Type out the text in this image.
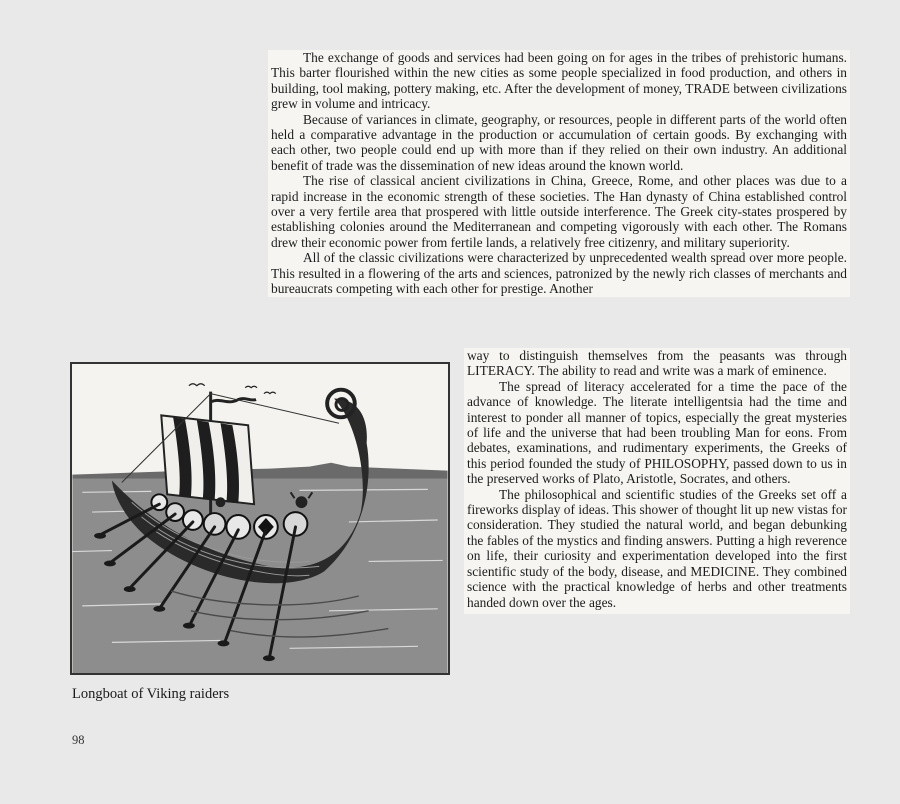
The exchange of goods and services had been going on for ages in the tribes of prehistoric humans. This barter flourished within the new cities as some people specialized in food production, and others in building, tool making, pottery making, etc. After the development of money, TRADE between civilizations grew in volume and intricacy.

Because of variances in climate, geography, or resources, people in different parts of the world often held a comparative advantage in the production or accumulation of certain goods. By exchanging with each other, two people could end up with more than if they relied on their own industry. An additional benefit of trade was the dissemination of new ideas around the known world.

The rise of classical ancient civilizations in China, Greece, Rome, and other places was due to a rapid increase in the economic strength of these societies. The Han dynasty of China established control over a very fertile area that prospered with little outside interference. The Greek city-states prospered by establishing colonies around the Mediterranean and competing vigorously with each other. The Romans drew their economic power from fertile lands, a relatively free citizenry, and military superiority.

All of the classic civilizations were characterized by unprecedented wealth spread over more people. This resulted in a flowering of the arts and sciences, patronized by the newly rich classes of merchants and bureaucrats competing with each other for prestige. Another

way to distinguish themselves from the peasants was through LITERACY. The ability to read and write was a mark of eminence.

The spread of literacy accelerated for a time the pace of the advance of knowledge. The literate intelligentsia had the time and interest to ponder all manner of topics, especially the great mysteries of life and the universe that had been troubling Man for eons. From debates, examinations, and rudimentary experiments, the Greeks of this period founded the study of PHILOSOPHY, passed down to us in the preserved works of Plato, Aristotle, Socrates, and others.

The philosophical and scientific studies of the Greeks set off a fireworks display of ideas. This shower of thought lit up new vistas for consideration. They studied the natural world, and began debunking the fables of the mystics and finding answers. Putting a high reverence on life, their curiosity and experimentation developed into the first scientific study of the body, disease, and MEDICINE. They combined science with the practical knowledge of herbs and other treatments handed down over the ages.

Longboat of Viking raiders
98
